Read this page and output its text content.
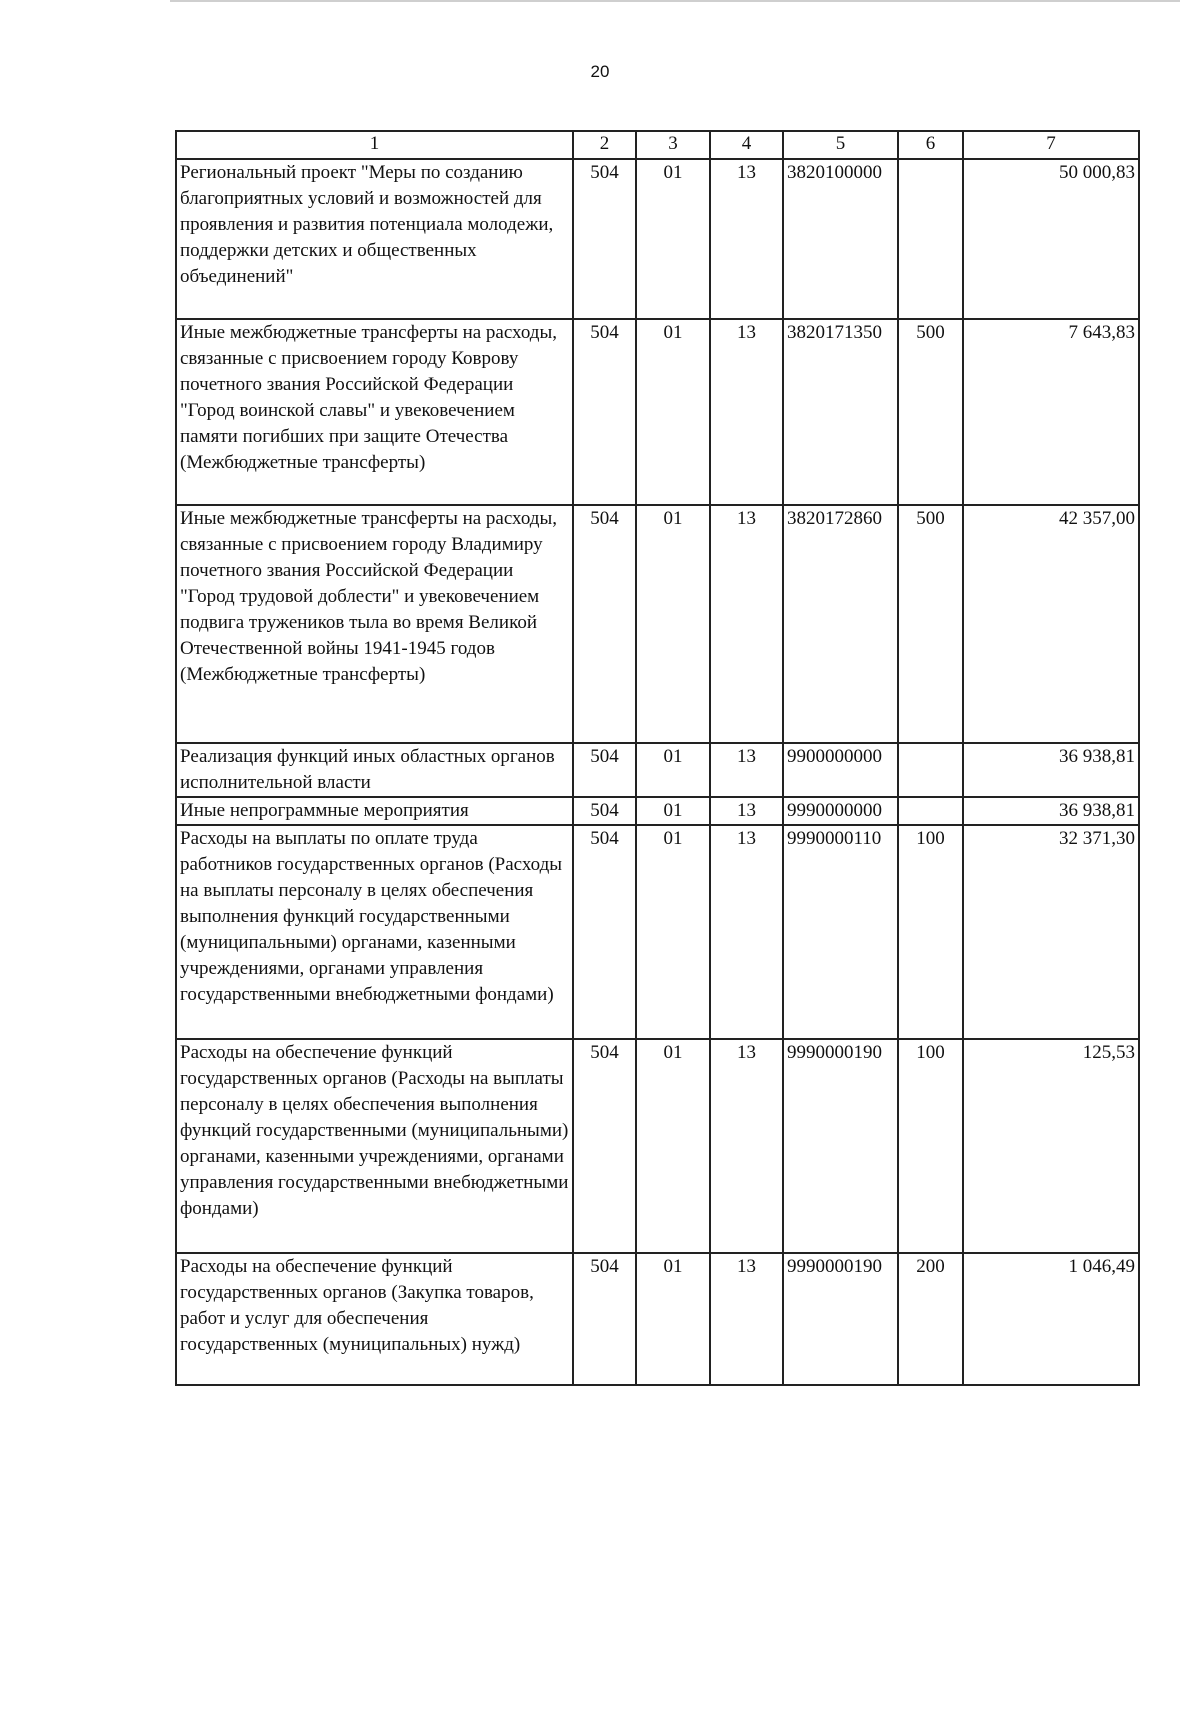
20
1	2	3	4	5	6	7
Региональный проект "Меры по созданию благоприятных условий и возможностей для проявления и развития потенциала молодежи, поддержки детских и общественных объединений"	504	01	13	3820100000		50 000,83
Иные межбюджетные трансферты на расходы, связанные с присвоением городу Коврову почетного звания Российской Федерации "Город воинской славы" и увековечением памяти погибших при защите Отечества (Межбюджетные трансферты)	504	01	13	3820171350	500	7 643,83
Иные межбюджетные трансферты на расходы, связанные с присвоением городу Владимиру почетного звания Российской Федерации "Город трудовой доблести" и увековечением подвига тружеников тыла во время Великой Отечественной войны 1941-1945 годов (Межбюджетные трансферты)	504	01	13	3820172860	500	42 357,00
Реализация функций иных областных органов исполнительной власти	504	01	13	9900000000		36 938,81
Иные непрограммные мероприятия	504	01	13	9990000000		36 938,81
Расходы на выплаты по оплате труда работников государственных органов (Расходы на выплаты персоналу в целях обеспечения выполнения функций государственными (муниципальными) органами, казенными учреждениями, органами управления государственными внебюджетными фондами)	504	01	13	9990000110	100	32 371,30
Расходы на обеспечение функций государственных органов (Расходы на выплаты персоналу в целях обеспечения выполнения функций государственными (муниципальными) органами, казенными учреждениями, органами управления государственными внебюджетными фондами)	504	01	13	9990000190	100	125,53
Расходы на обеспечение функций государственных органов (Закупка товаров, работ и услуг для обеспечения государственных (муниципальных) нужд)	504	01	13	9990000190	200	1 046,49
